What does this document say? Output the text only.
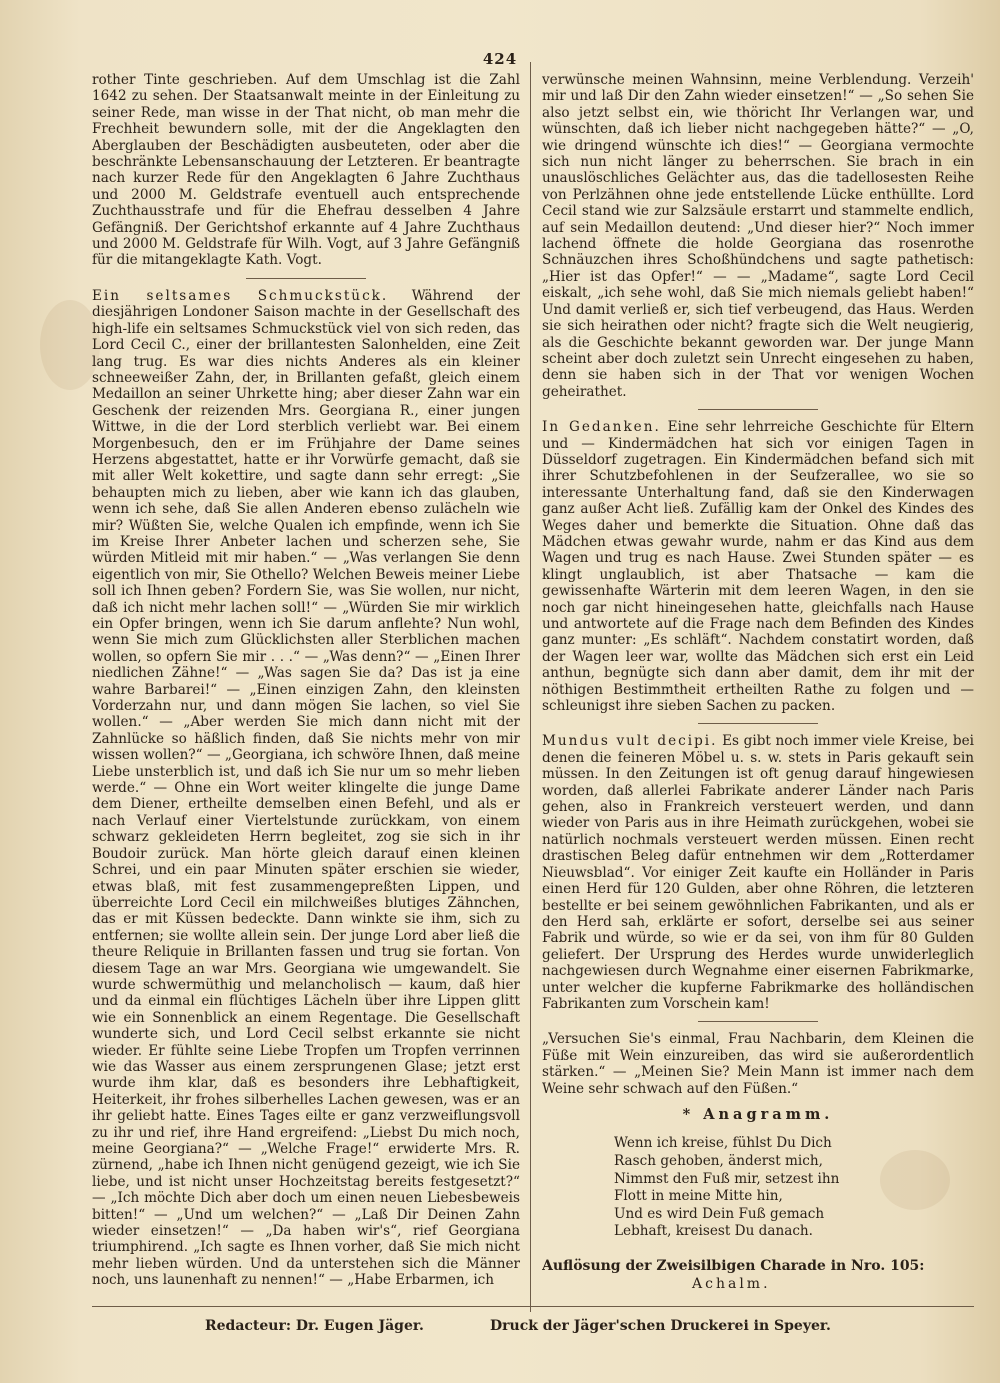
424

rother Tinte geschrieben. Auf dem Umschlag ist die Zahl 1642 zu sehen. Der Staatsanwalt meinte in der Einleitung zu seiner Rede, man wisse in der That nicht, ob man mehr die Frechheit bewundern solle, mit der die Angeklagten den Aberglauben der Beschädigten ausbeuteten, oder aber die beschränkte Lebensanschauung der Letzteren. Er beantragte nach kurzer Rede für den Angeklagten 6 Jahre Zuchthaus und 2000 M. Geldstrafe eventuell auch entsprechende Zuchthausstrafe und für die Ehefrau desselben 4 Jahre Gefängniß. Der Gerichtshof erkannte auf 4 Jahre Zuchthaus und 2000 M. Geldstrafe für Wilh. Vogt, auf 3 Jahre Gefängniß für die mitangeklagte Kath. Vogt.

Ein seltsames Schmuckstück. Während der diesjährigen Londoner Saison machte in der Gesellschaft des high-life ein seltsames Schmuckstück viel von sich reden, das Lord Cecil C., einer der brillantesten Salonhelden, eine Zeit lang trug. Es war dies nichts Anderes als ein kleiner schneeweißer Zahn, der, in Brillanten gefaßt, gleich einem Medaillon an seiner Uhrkette hing; aber dieser Zahn war ein Geschenk der reizenden Mrs. Georgiana R., einer jungen Wittwe, in die der Lord sterblich verliebt war. Bei einem Morgenbesuch, den er im Frühjahre der Dame seines Herzens abgestattet, hatte er ihr Vorwürfe gemacht, daß sie mit aller Welt kokettire, und sagte dann sehr erregt: „Sie behaupten mich zu lieben, aber wie kann ich das glauben, wenn ich sehe, daß Sie allen Anderen ebenso zulächeln wie mir? Wüßten Sie, welche Qualen ich empfinde, wenn ich Sie im Kreise Ihrer Anbeter lachen und scherzen sehe, Sie würden Mitleid mit mir haben.“ — „Was verlangen Sie denn eigentlich von mir, Sie Othello? Welchen Beweis meiner Liebe soll ich Ihnen geben? Fordern Sie, was Sie wollen, nur nicht, daß ich nicht mehr lachen soll!“ — „Würden Sie mir wirklich ein Opfer bringen, wenn ich Sie darum anflehte? Nun wohl, wenn Sie mich zum Glücklichsten aller Sterblichen machen wollen, so opfern Sie mir . . .“ — „Was denn?“ — „Einen Ihrer niedlichen Zähne!“ — „Was sagen Sie da? Das ist ja eine wahre Barbarei!“ — „Einen einzigen Zahn, den kleinsten Vorderzahn nur, und dann mögen Sie lachen, so viel Sie wollen.“ — „Aber werden Sie mich dann nicht mit der Zahnlücke so häßlich finden, daß Sie nichts mehr von mir wissen wollen?“ — „Georgiana, ich schwöre Ihnen, daß meine Liebe unsterblich ist, und daß ich Sie nur um so mehr lieben werde.“ — Ohne ein Wort weiter klingelte die junge Dame dem Diener, ertheilte demselben einen Befehl, und als er nach Verlauf einer Viertelstunde zurückkam, von einem schwarz gekleideten Herrn begleitet, zog sie sich in ihr Boudoir zurück. Man hörte gleich darauf einen kleinen Schrei, und ein paar Minuten später erschien sie wieder, etwas blaß, mit fest zusammengepreßten Lippen, und überreichte Lord Cecil ein milchweißes blutiges Zähnchen, das er mit Küssen bedeckte. Dann winkte sie ihm, sich zu entfernen; sie wollte allein sein. Der junge Lord aber ließ die theure Reliquie in Brillanten fassen und trug sie fortan. Von diesem Tage an war Mrs. Georgiana wie umgewandelt. Sie wurde schwermüthig und melancholisch — kaum, daß hier und da einmal ein flüchtiges Lächeln über ihre Lippen glitt wie ein Sonnenblick an einem Regentage. Die Gesellschaft wunderte sich, und Lord Cecil selbst erkannte sie nicht wieder. Er fühlte seine Liebe Tropfen um Tropfen verrinnen wie das Wasser aus einem zersprungenen Glase; jetzt erst wurde ihm klar, daß es besonders ihre Lebhaftigkeit, Heiterkeit, ihr frohes silberhelles Lachen gewesen, was er an ihr geliebt hatte. Eines Tages eilte er ganz verzweiflungsvoll zu ihr und rief, ihre Hand ergreifend: „Liebst Du mich noch, meine Georgiana?“ — „Welche Frage!“ erwiderte Mrs. R. zürnend, „habe ich Ihnen nicht genügend gezeigt, wie ich Sie liebe, und ist nicht unser Hochzeitstag bereits festgesetzt?“ — „Ich möchte Dich aber doch um einen neuen Liebesbeweis bitten!“ — „Und um welchen?“ — „Laß Dir Deinen Zahn wieder einsetzen!“ — „Da haben wir's“, rief Georgiana triumphirend. „Ich sagte es Ihnen vorher, daß Sie mich nicht mehr lieben würden. Und da unterstehen sich die Männer noch, uns launenhaft zu nennen!“ — „Habe Erbarmen, ich

verwünsche meinen Wahnsinn, meine Verblendung. Verzeih' mir und laß Dir den Zahn wieder einsetzen!“ — „So sehen Sie also jetzt selbst ein, wie thöricht Ihr Verlangen war, und wünschten, daß ich lieber nicht nachgegeben hätte?“ — „O, wie dringend wünschte ich dies!“ — Georgiana vermochte sich nun nicht länger zu beherrschen. Sie brach in ein unauslöschliches Gelächter aus, das die tadellosesten Reihe von Perlzähnen ohne jede entstellende Lücke enthüllte. Lord Cecil stand wie zur Salzsäule erstarrt und stammelte endlich, auf sein Medaillon deutend: „Und dieser hier?“ Noch immer lachend öffnete die holde Georgiana das rosenrothe Schnäuzchen ihres Schoßhündchens und sagte pathetisch: „Hier ist das Opfer!“ — — „Madame“, sagte Lord Cecil eiskalt, „ich sehe wohl, daß Sie mich niemals geliebt haben!“ Und damit verließ er, sich tief verbeugend, das Haus. Werden sie sich heirathen oder nicht? fragte sich die Welt neugierig, als die Geschichte bekannt geworden war. Der junge Mann scheint aber doch zuletzt sein Unrecht eingesehen zu haben, denn sie haben sich in der That vor wenigen Wochen geheirathet.

In Gedanken. Eine sehr lehrreiche Geschichte für Eltern und — Kindermädchen hat sich vor einigen Tagen in Düsseldorf zugetragen. Ein Kindermädchen befand sich mit ihrer Schutzbefohlenen in der Seufzerallee, wo sie so interessante Unterhaltung fand, daß sie den Kinderwagen ganz außer Acht ließ. Zufällig kam der Onkel des Kindes des Weges daher und bemerkte die Situation. Ohne daß das Mädchen etwas gewahr wurde, nahm er das Kind aus dem Wagen und trug es nach Hause. Zwei Stunden später — es klingt unglaublich, ist aber Thatsache — kam die gewissenhafte Wärterin mit dem leeren Wagen, in den sie noch gar nicht hineingesehen hatte, gleichfalls nach Hause und antwortete auf die Frage nach dem Befinden des Kindes ganz munter: „Es schläft“. Nachdem constatirt worden, daß der Wagen leer war, wollte das Mädchen sich erst ein Leid anthun, begnügte sich dann aber damit, dem ihr mit der nöthigen Bestimmtheit ertheilten Rathe zu folgen und — schleunigst ihre sieben Sachen zu packen.

Mundus vult decipi. Es gibt noch immer viele Kreise, bei denen die feineren Möbel u. s. w. stets in Paris gekauft sein müssen. In den Zeitungen ist oft genug darauf hingewiesen worden, daß allerlei Fabrikate anderer Länder nach Paris gehen, also in Frankreich versteuert werden, und dann wieder von Paris aus in ihre Heimath zurückgehen, wobei sie natürlich nochmals versteuert werden müssen. Einen recht drastischen Beleg dafür entnehmen wir dem „Rotterdamer Nieuwsblad“. Vor einiger Zeit kaufte ein Holländer in Paris einen Herd für 120 Gulden, aber ohne Röhren, die letzteren bestellte er bei seinem gewöhnlichen Fabrikanten, und als er den Herd sah, erklärte er sofort, derselbe sei aus seiner Fabrik und würde, so wie er da sei, von ihm für 80 Gulden geliefert. Der Ursprung des Herdes wurde unwiderleglich nachgewiesen durch Wegnahme einer eisernen Fabrikmarke, unter welcher die kupferne Fabrikmarke des holländischen Fabrikanten zum Vorschein kam!

„Versuchen Sie's einmal, Frau Nachbarin, dem Kleinen die Füße mit Wein einzureiben, das wird sie außerordentlich stärken.“ — „Meinen Sie? Mein Mann ist immer nach dem Weine sehr schwach auf den Füßen.“

* Anagramm.
Wenn ich kreise, fühlst Du Dich
Rasch gehoben, änderst mich,
Nimmst den Fuß mir, setzest ihn
Flott in meine Mitte hin,
Und es wird Dein Fuß gemach
Lebhaft, kreisest Du danach.
Auflösung der Zweisilbigen Charade in Nro. 105:
Achalm.
Redacteur: Dr. Eugen Jäger.	Druck der Jäger'schen Druckerei in Speyer.
